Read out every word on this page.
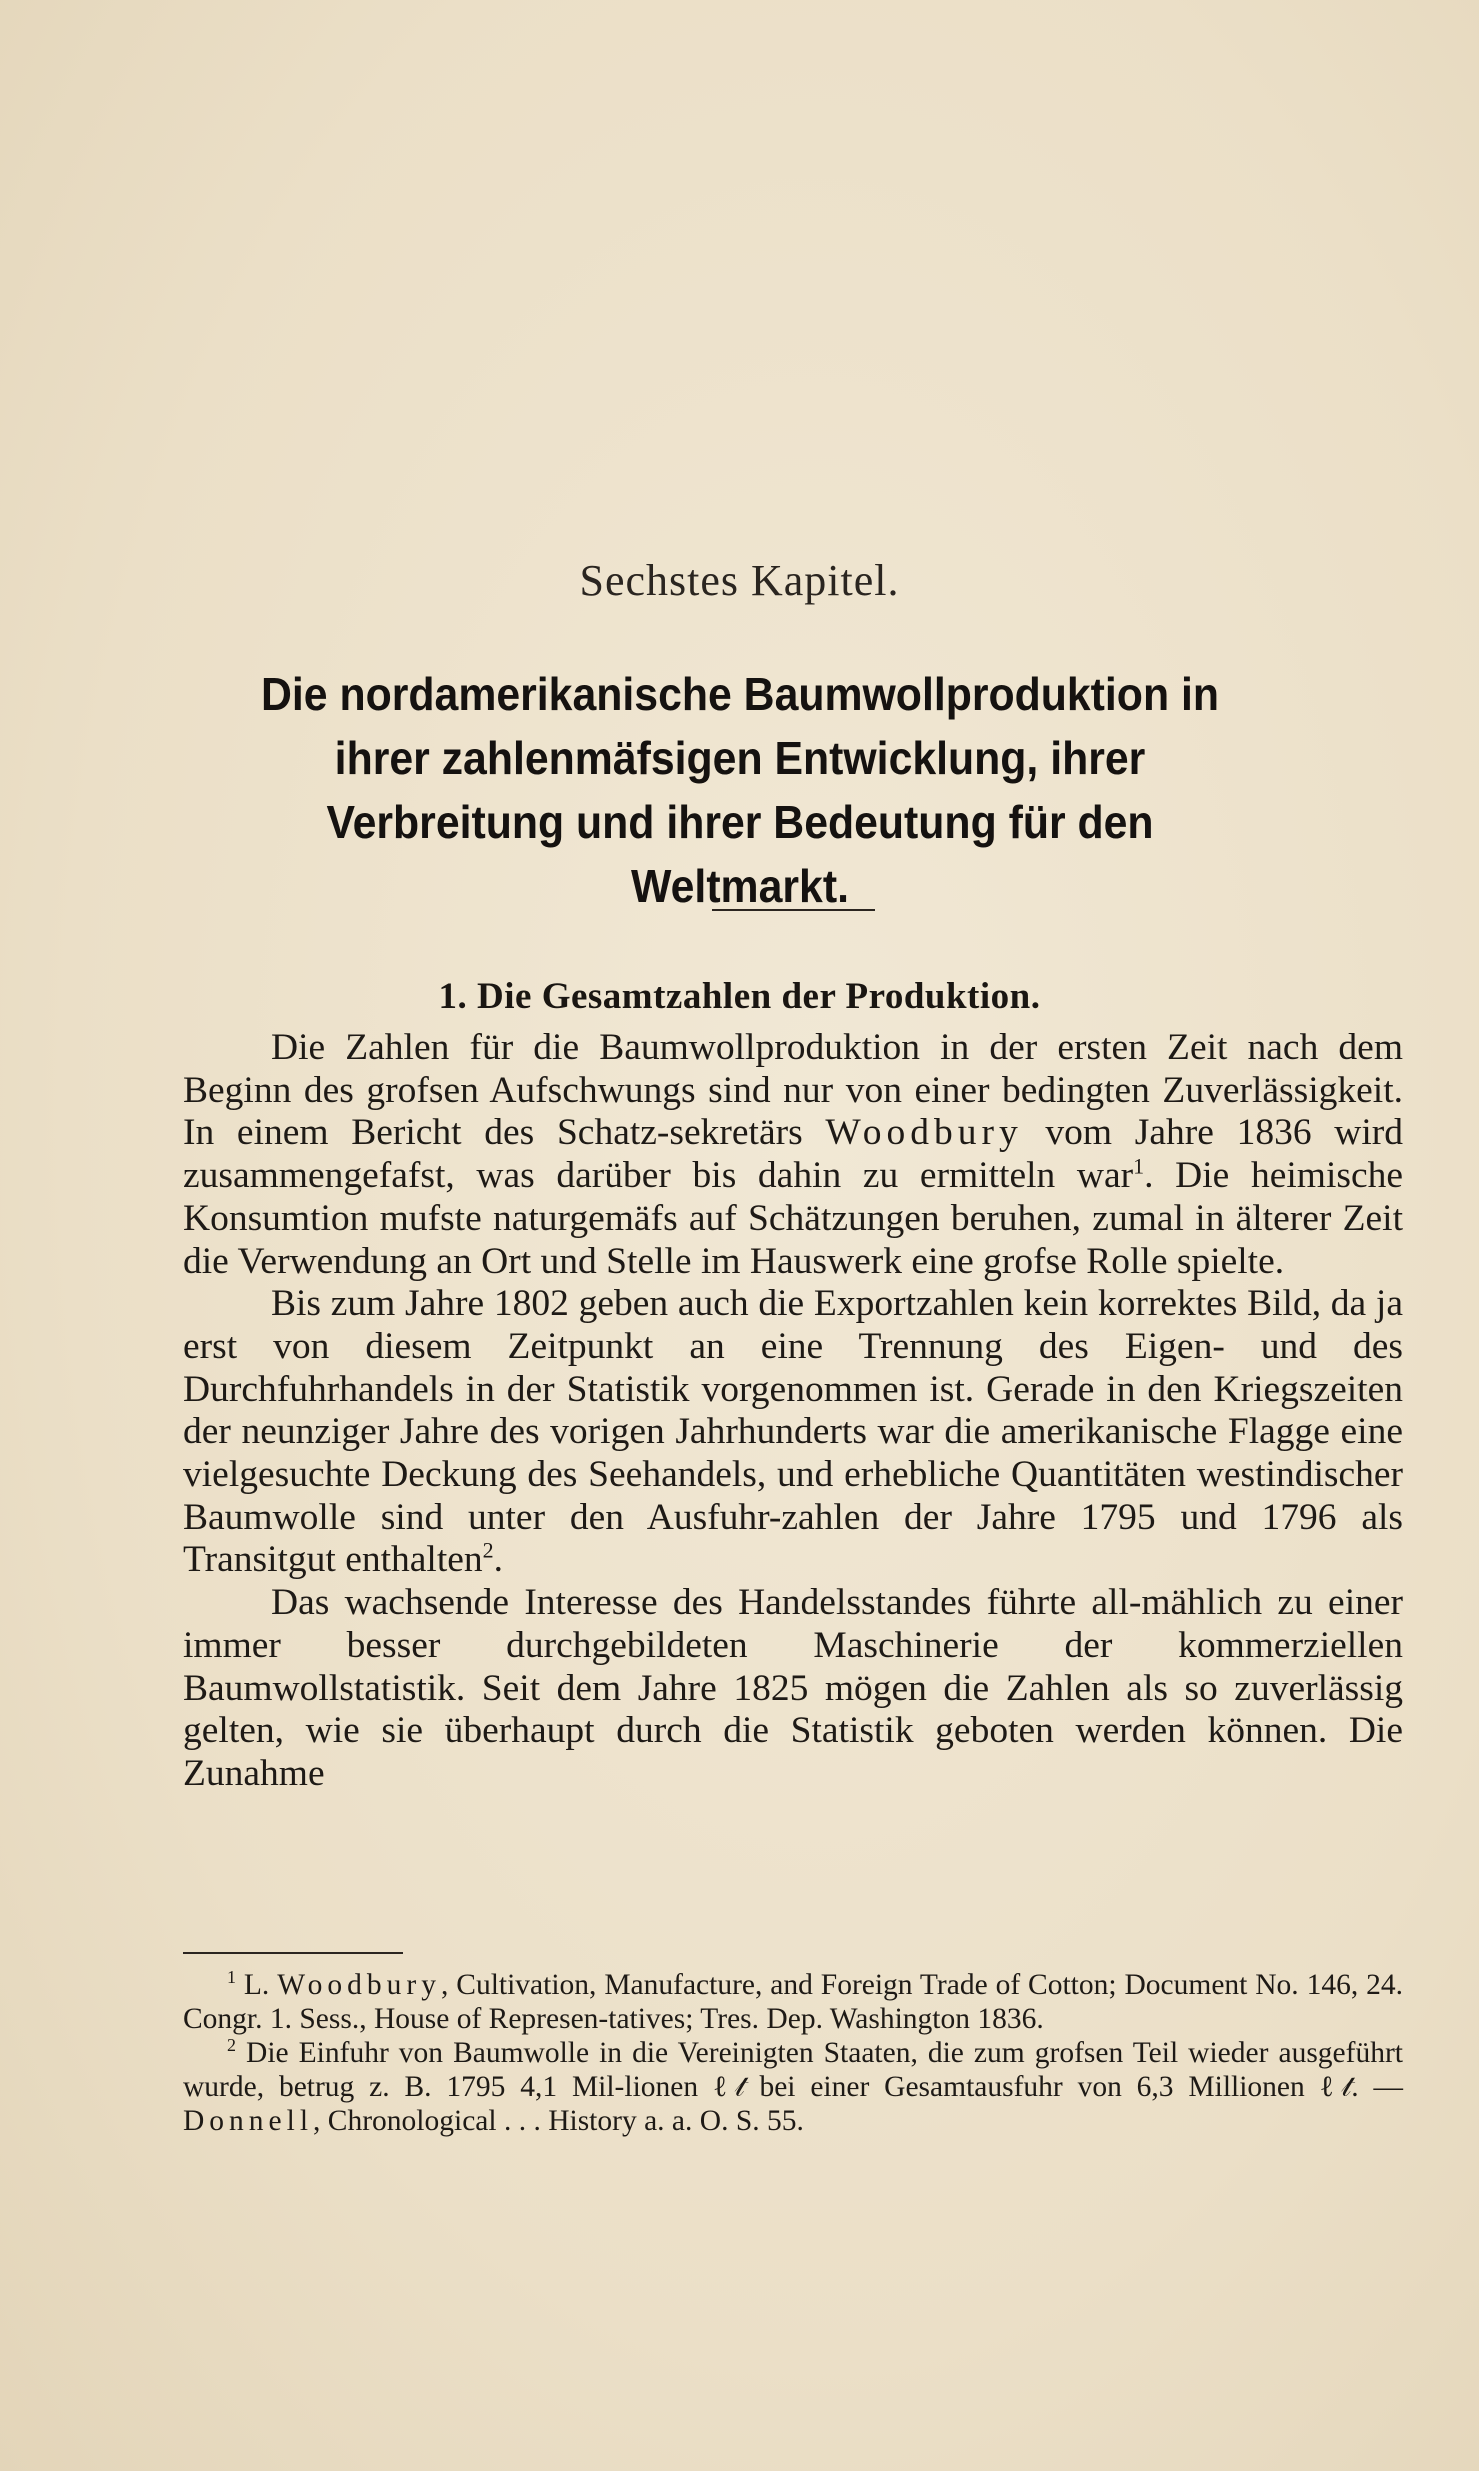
Sechstes Kapitel.
Die nordamerikanische Baumwollproduktion in ihrer zahlenmäfsigen Entwicklung, ihrer Verbreitung und ihrer Bedeutung für den Weltmarkt.
1. Die Gesamtzahlen der Produktion.

Die Zahlen für die Baumwollproduktion in der ersten Zeit nach dem Beginn des grofsen Aufschwungs sind nur von einer bedingten Zuverlässigkeit. In einem Bericht des Schatz-sekretärs Woodbury vom Jahre 1836 wird zusammengefafst, was darüber bis dahin zu ermitteln war$^1$. Die heimische Konsumtion mufste naturgemäfs auf Schätzungen beruhen, zumal in älterer Zeit die Verwendung an Ort und Stelle im Hauswerk eine grofse Rolle spielte.

Bis zum Jahre 1802 geben auch die Exportzahlen kein korrektes Bild, da ja erst von diesem Zeitpunkt an eine Trennung des Eigen- und des Durchfuhrhandels in der Statistik vorgenommen ist. Gerade in den Kriegszeiten der neunziger Jahre des vorigen Jahrhunderts war die amerikanische Flagge eine vielgesuchte Deckung des Seehandels, und erhebliche Quantitäten westindischer Baumwolle sind unter den Ausfuhr-zahlen der Jahre 1795 und 1796 als Transitgut enthalten$^2$.

Das wachsende Interesse des Handelsstandes führte all-mählich zu einer immer besser durchgebildeten Maschinerie der kommerziellen Baumwollstatistik. Seit dem Jahre 1825 mögen die Zahlen als so zuverlässig gelten, wie sie überhaupt durch die Statistik geboten werden können. Die Zunahme

$^1$ L. Woodbury, Cultivation, Manufacture, and Foreign Trade of Cotton; Document No. 146, 24. Congr. 1. Sess., House of Represen-tatives; Tres. Dep. Washington 1836.

$^2$ Die Einfuhr von Baumwolle in die Vereinigten Staaten, die zum grofsen Teil wieder ausgeführt wurde, betrug z. B. 1795 4,1 Mil-lionen ℓ𝓉 bei einer Gesamtausfuhr von 6,3 Millionen ℓ𝓉. — Donnell, Chronological . . . History a. a. O. S. 55.
